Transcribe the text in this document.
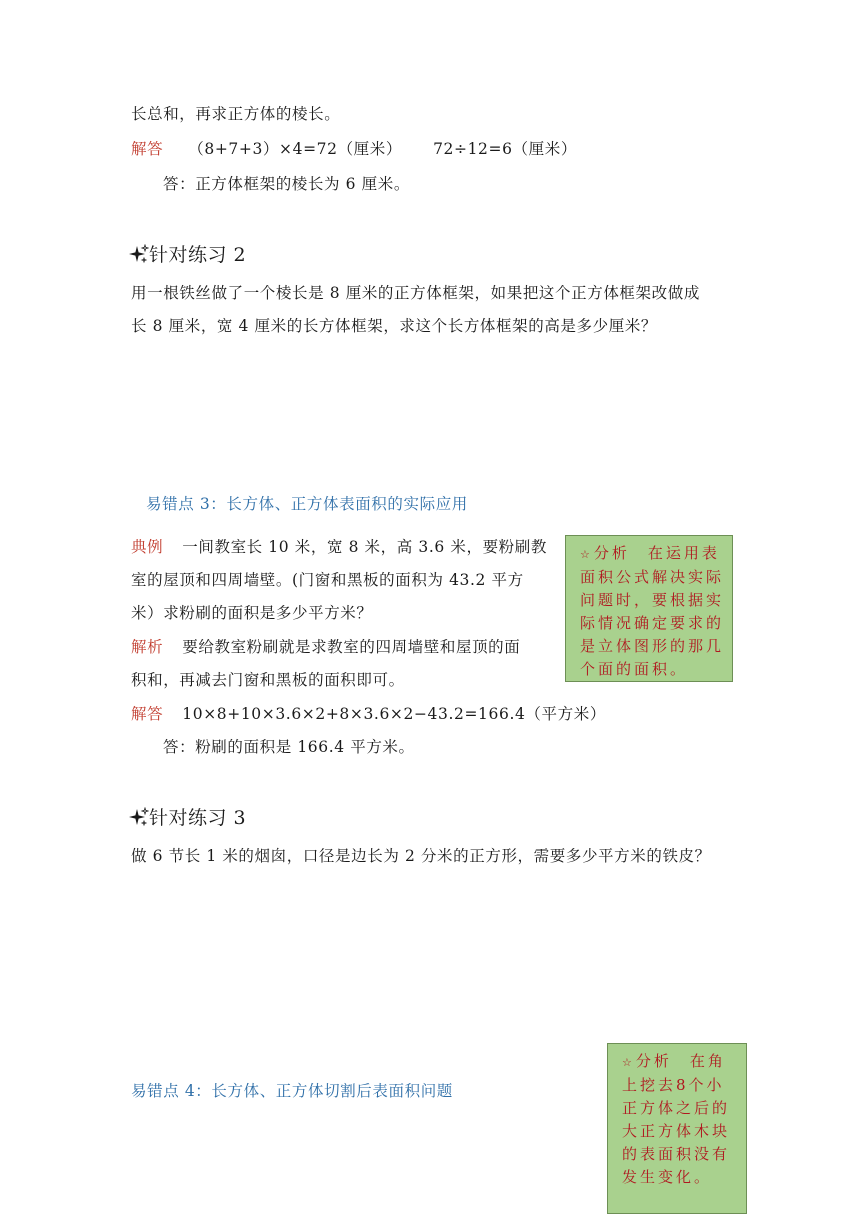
长总和，再求正方体的棱长。
解答 （8+7+3）×4=72（厘米） 72÷12=6（厘米）
答：正方体框架的棱长为 6 厘米。
针对练习 2
用一根铁丝做了一个棱长是 8 厘米的正方体框架，如果把这个正方体框架改做成
长 8 厘米，宽 4 厘米的长方体框架，求这个长方体框架的高是多少厘米？
易错点 3：长方体、正方体表面积的实际应用
典例 一间教室长 10 米，宽 8 米，高 3.6 米，要粉刷教
室的屋顶和四周墙壁。(门窗和黑板的面积为 43.2 平方
米）求粉刷的面积是多少平方米？
解析 要给教室粉刷就是求教室的四周墙壁和屋顶的面
积和，再减去门窗和黑板的面积即可。
解答 10×8+10×3.6×2+8×3.6×2−43.2=166.4（平方米）
答：粉刷的面积是 166.4 平方米。
☆ 分析　在运用表面积公式解决实际问题时，要根据实际情况确定要求的是立体图形的那几个面的面积。
针对练习 3
做 6 节长 1 米的烟囱，口径是边长为 2 分米的正方形，需要多少平方米的铁皮？
易错点 4：长方体、正方体切割后表面积问题
☆ 分析　在角上挖去8个小正方体之后的大正方体木块的表面积没有发生变化。
